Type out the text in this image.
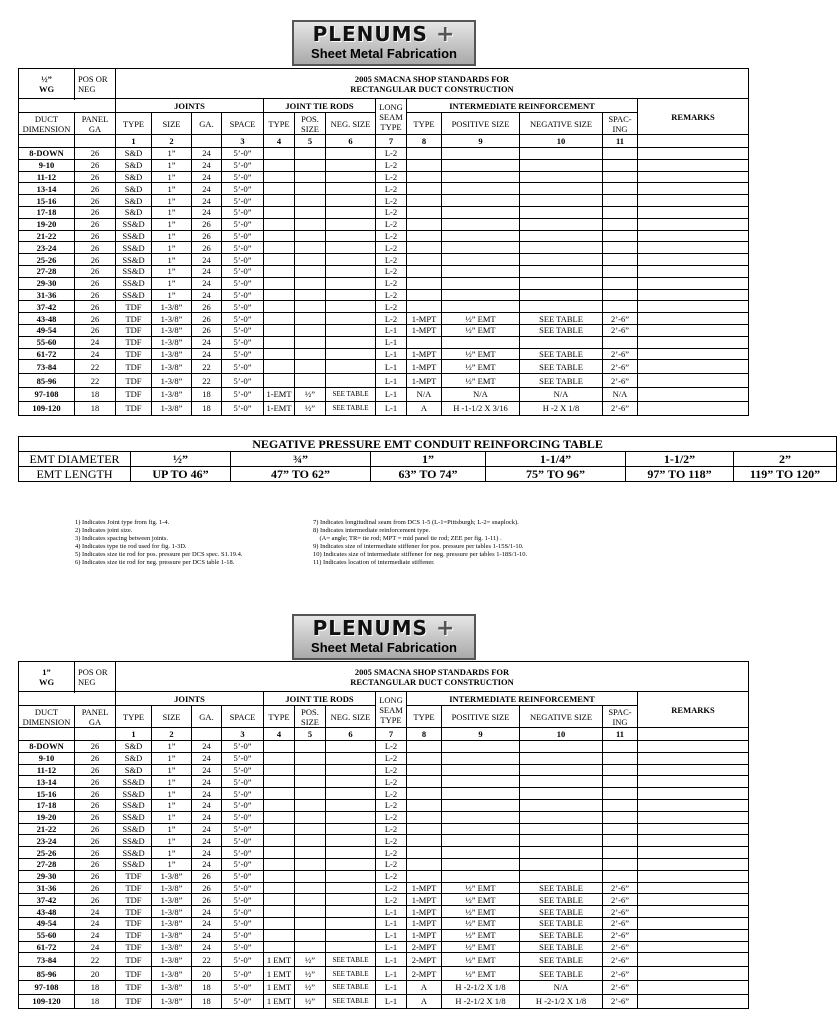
PLENUMS +
Sheet Metal Fabrication
½”
WG	POS OR NEG	2005 SMACNA SHOP STANDARDS FOR
RECTANGULAR DUCT CONSTRUCTION												

		JOINTS				JOINT TIE RODS			LONG SEAM TYPE	INTERMEDIATE REINFORCEMENT				REMARKS
DUCT DIMENSION	PANEL GA	TYPE	SIZE	GA.	SPACE	TYPE	POS. SIZE	NEG. SIZE		TYPE	POSITIVE SIZE	NEGATIVE SIZE	SPAC- ING	
		1	2		3	4	5	6	7	8	9	10	11	
8-DOWN	26	S&D	1”	24	5’-0”				L-2					
9-10	26	S&D	1”	24	5’-0”				L-2					
11-12	26	S&D	1”	24	5’-0”				L-2					
13-14	26	S&D	1”	24	5’-0”				L-2					
15-16	26	S&D	1”	24	5’-0”				L-2					
17-18	26	S&D	1”	24	5’-0”				L-2					
19-20	26	SS&D	1”	26	5’-0”				L-2					
21-22	26	SS&D	1”	26	5’-0”				L-2					
23-24	26	SS&D	1”	26	5’-0”				L-2					
25-26	26	SS&D	1”	24	5’-0”				L-2					
27-28	26	SS&D	1”	24	5’-0”				L-2					
29-30	26	SS&D	1”	24	5’-0”				L-2					
31-36	26	SS&D	1”	24	5’-0”				L-2					
37-42	26	TDF	1-3/8”	26	5’-0”				L-2					
43-48	26	TDF	1-3/8”	26	5’-0”				L-2	1-MPT	½” EMT	SEE TABLE	2’-6”	
49-54	26	TDF	1-3/8”	26	5’-0”				L-1	1-MPT	½” EMT	SEE TABLE	2’-6”	
55-60	24	TDF	1-3/8”	24	5’-0”				L-1					
61-72	24	TDF	1-3/8”	24	5’-0”				L-1	1-MPT	½” EMT	SEE TABLE	2’-6”	
73-84	22	TDF	1-3/8”	22	5’-0”				L-1	1-MPT	½” EMT	SEE TABLE	2’-6”	
85-96	22	TDF	1-3/8”	22	5’-0”				L-1	1-MPT	½” EMT	SEE TABLE	2’-6”	
97-108	18	TDF	1-3/8”	18	5’-0”	1-EMT	½”	SEE TABLE	L-1	N/A	N/A	N/A	N/A	
109-120	18	TDF	1-3/8”	18	5’-0”	1-EMT	½”	SEE TABLE	L-1	A	H -1-1/2 X 3/16	H -2 X 1/8	2’-6”	
NEGATIVE PRESSURE EMT CONDUIT REINFORCING TABLE						
EMT DIAMETER	½”	¾”	1”	1-1/4”	1-1/2”	2”
EMT LENGTH	UP TO 46”	47” TO 62”	63” TO 74”	75” TO 96”	97” TO 118”	119” TO 120”
1) Indicates Joint type from fig. 1-4.
2) Indicates joint size.
3) Indicates spacing between joints.
4) Indicates type tie rod used for fig. 1-3D.
5) Indicates size tie rod for pos. pressure per DCS spec. S1.19.4.
6) Indicates size tie rod for neg. pressure per DCS table 1-18.
7) Indicates longitudinal seam from DCS 1-5 (L-1=Pittsburgh; L-2= snaplock).
8) Indicates intermediate reinforcement type.
(A= angle; TR= tie rod; MPT = mid panel tie rod; ZEE per fig. 1-11) .
9) Indicates size of intermediate stiffener for pos. pressure per tables 1-15S/1-10.
10) Indicates size of intermediate stiffener for neg. pressure per tables 1-18S/1-10.
11) Indicates location of intermediate stiffener.
PLENUMS +
Sheet Metal Fabrication
1”
WG	POS OR NEG	2005 SMACNA SHOP STANDARDS FOR
RECTANGULAR DUCT CONSTRUCTION												

		JOINTS				JOINT TIE RODS			LONG SEAM TYPE	INTERMEDIATE REINFORCEMENT				REMARKS
DUCT DIMENSION	PANEL GA	TYPE	SIZE	GA.	SPACE	TYPE	POS. SIZE	NEG. SIZE		TYPE	POSITIVE SIZE	NEGATIVE SIZE	SPAC- ING	
		1	2		3	4	5	6	7	8	9	10	11	
8-DOWN	26	S&D	1”	24	5’-0”				L-2					
9-10	26	S&D	1”	24	5’-0”				L-2					
11-12	26	S&D	1”	24	5’-0”				L-2					
13-14	26	SS&D	1”	24	5’-0”				L-2					
15-16	26	SS&D	1”	24	5’-0”				L-2					
17-18	26	SS&D	1”	24	5’-0”				L-2					
19-20	26	SS&D	1”	24	5’-0”				L-2					
21-22	26	SS&D	1”	24	5’-0”				L-2					
23-24	26	SS&D	1”	24	5’-0”				L-2					
25-26	26	SS&D	1”	24	5’-0”				L-2					
27-28	26	SS&D	1”	24	5’-0”				L-2					
29-30	26	TDF	1-3/8”	26	5’-0”				L-2					
31-36	26	TDF	1-3/8”	26	5’-0”				L-2	1-MPT	½” EMT	SEE TABLE	2’-6”	
37-42	26	TDF	1-3/8”	26	5’-0”				L-2	1-MPT	½” EMT	SEE TABLE	2’-6”	
43-48	24	TDF	1-3/8”	24	5’-0”				L-1	1-MPT	½” EMT	SEE TABLE	2’-6”	
49-54	24	TDF	1-3/8”	24	5’-0”				L-1	1-MPT	½” EMT	SEE TABLE	2’-6”	
55-60	24	TDF	1-3/8”	24	5’-0”				L-1	1-MPT	½” EMT	SEE TABLE	2’-6”	
61-72	24	TDF	1-3/8”	24	5’-0”				L-1	2-MPT	½” EMT	SEE TABLE	2’-6”	
73-84	22	TDF	1-3/8”	22	5’-0”	1 EMT	½”	SEE TABLE	L-1	2-MPT	½” EMT	SEE TABLE	2’-6”	
85-96	20	TDF	1-3/8”	20	5’-0”	1 EMT	½”	SEE TABLE	L-1	2-MPT	½” EMT	SEE TABLE	2’-6”	
97-108	18	TDF	1-3/8”	18	5’-0”	1 EMT	½”	SEE TABLE	L-1	A	H -2-1/2 X 1/8	N/A	2’-6”	
109-120	18	TDF	1-3/8”	18	5’-0”	1 EMT	½”	SEE TABLE	L-1	A	H -2-1/2 X 1/8	H -2-1/2 X 1/8	2’-6”	
